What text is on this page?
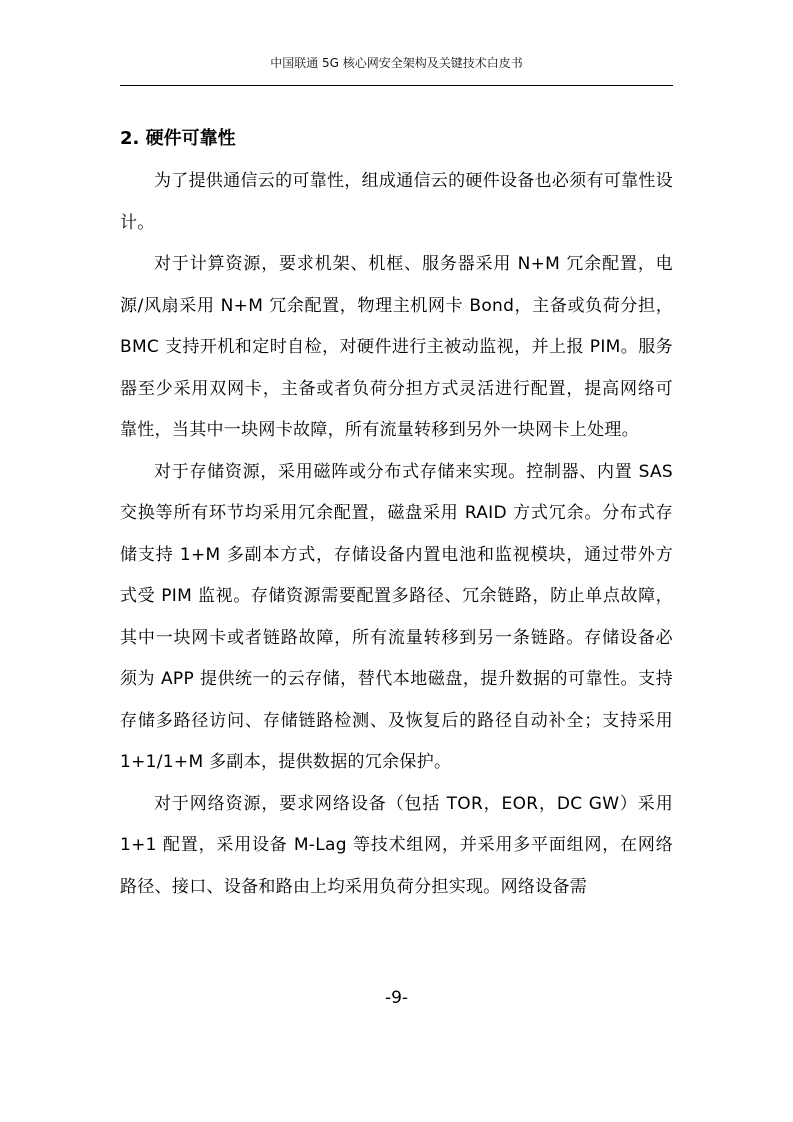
中国联通 5G 核心网安全架构及关键技术白皮书
2. 硬件可靠性

为了提供通信云的可靠性，组成通信云的硬件设备也必须有可靠性设计。

对于计算资源，要求机架、机框、服务器采用 N+M 冗余配置，电源/风扇采用 N+M 冗余配置，物理主机网卡 Bond，主备或负荷分担，BMC 支持开机和定时自检，对硬件进行主被动监视，并上报 PIM。服务器至少采用双网卡，主备或者负荷分担方式灵活进行配置，提高网络可靠性，当其中一块网卡故障，所有流量转移到另外一块网卡上处理。

对于存储资源，采用磁阵或分布式存储来实现。控制器、内置 SAS 交换等所有环节均采用冗余配置，磁盘采用 RAID 方式冗余。分布式存储支持 1+M 多副本方式，存储设备内置电池和监视模块，通过带外方式受 PIM 监视。存储资源需要配置多路径、冗余链路，防止单点故障，其中一块网卡或者链路故障，所有流量转移到另一条链路。存储设备必须为 APP 提供统一的云存储，替代本地磁盘，提升数据的可靠性。支持存储多路径访问、存储链路检测、及恢复后的路径自动补全；支持采用 1+1/1+M 多副本，提供数据的冗余保护。

对于网络资源，要求网络设备（包括 TOR，EOR，DC GW）采用 1+1 配置，采用设备 M-Lag 等技术组网，并采用多平面组网，在网络路径、接口、设备和路由上均采用负荷分担实现。网络设备需

-9-
